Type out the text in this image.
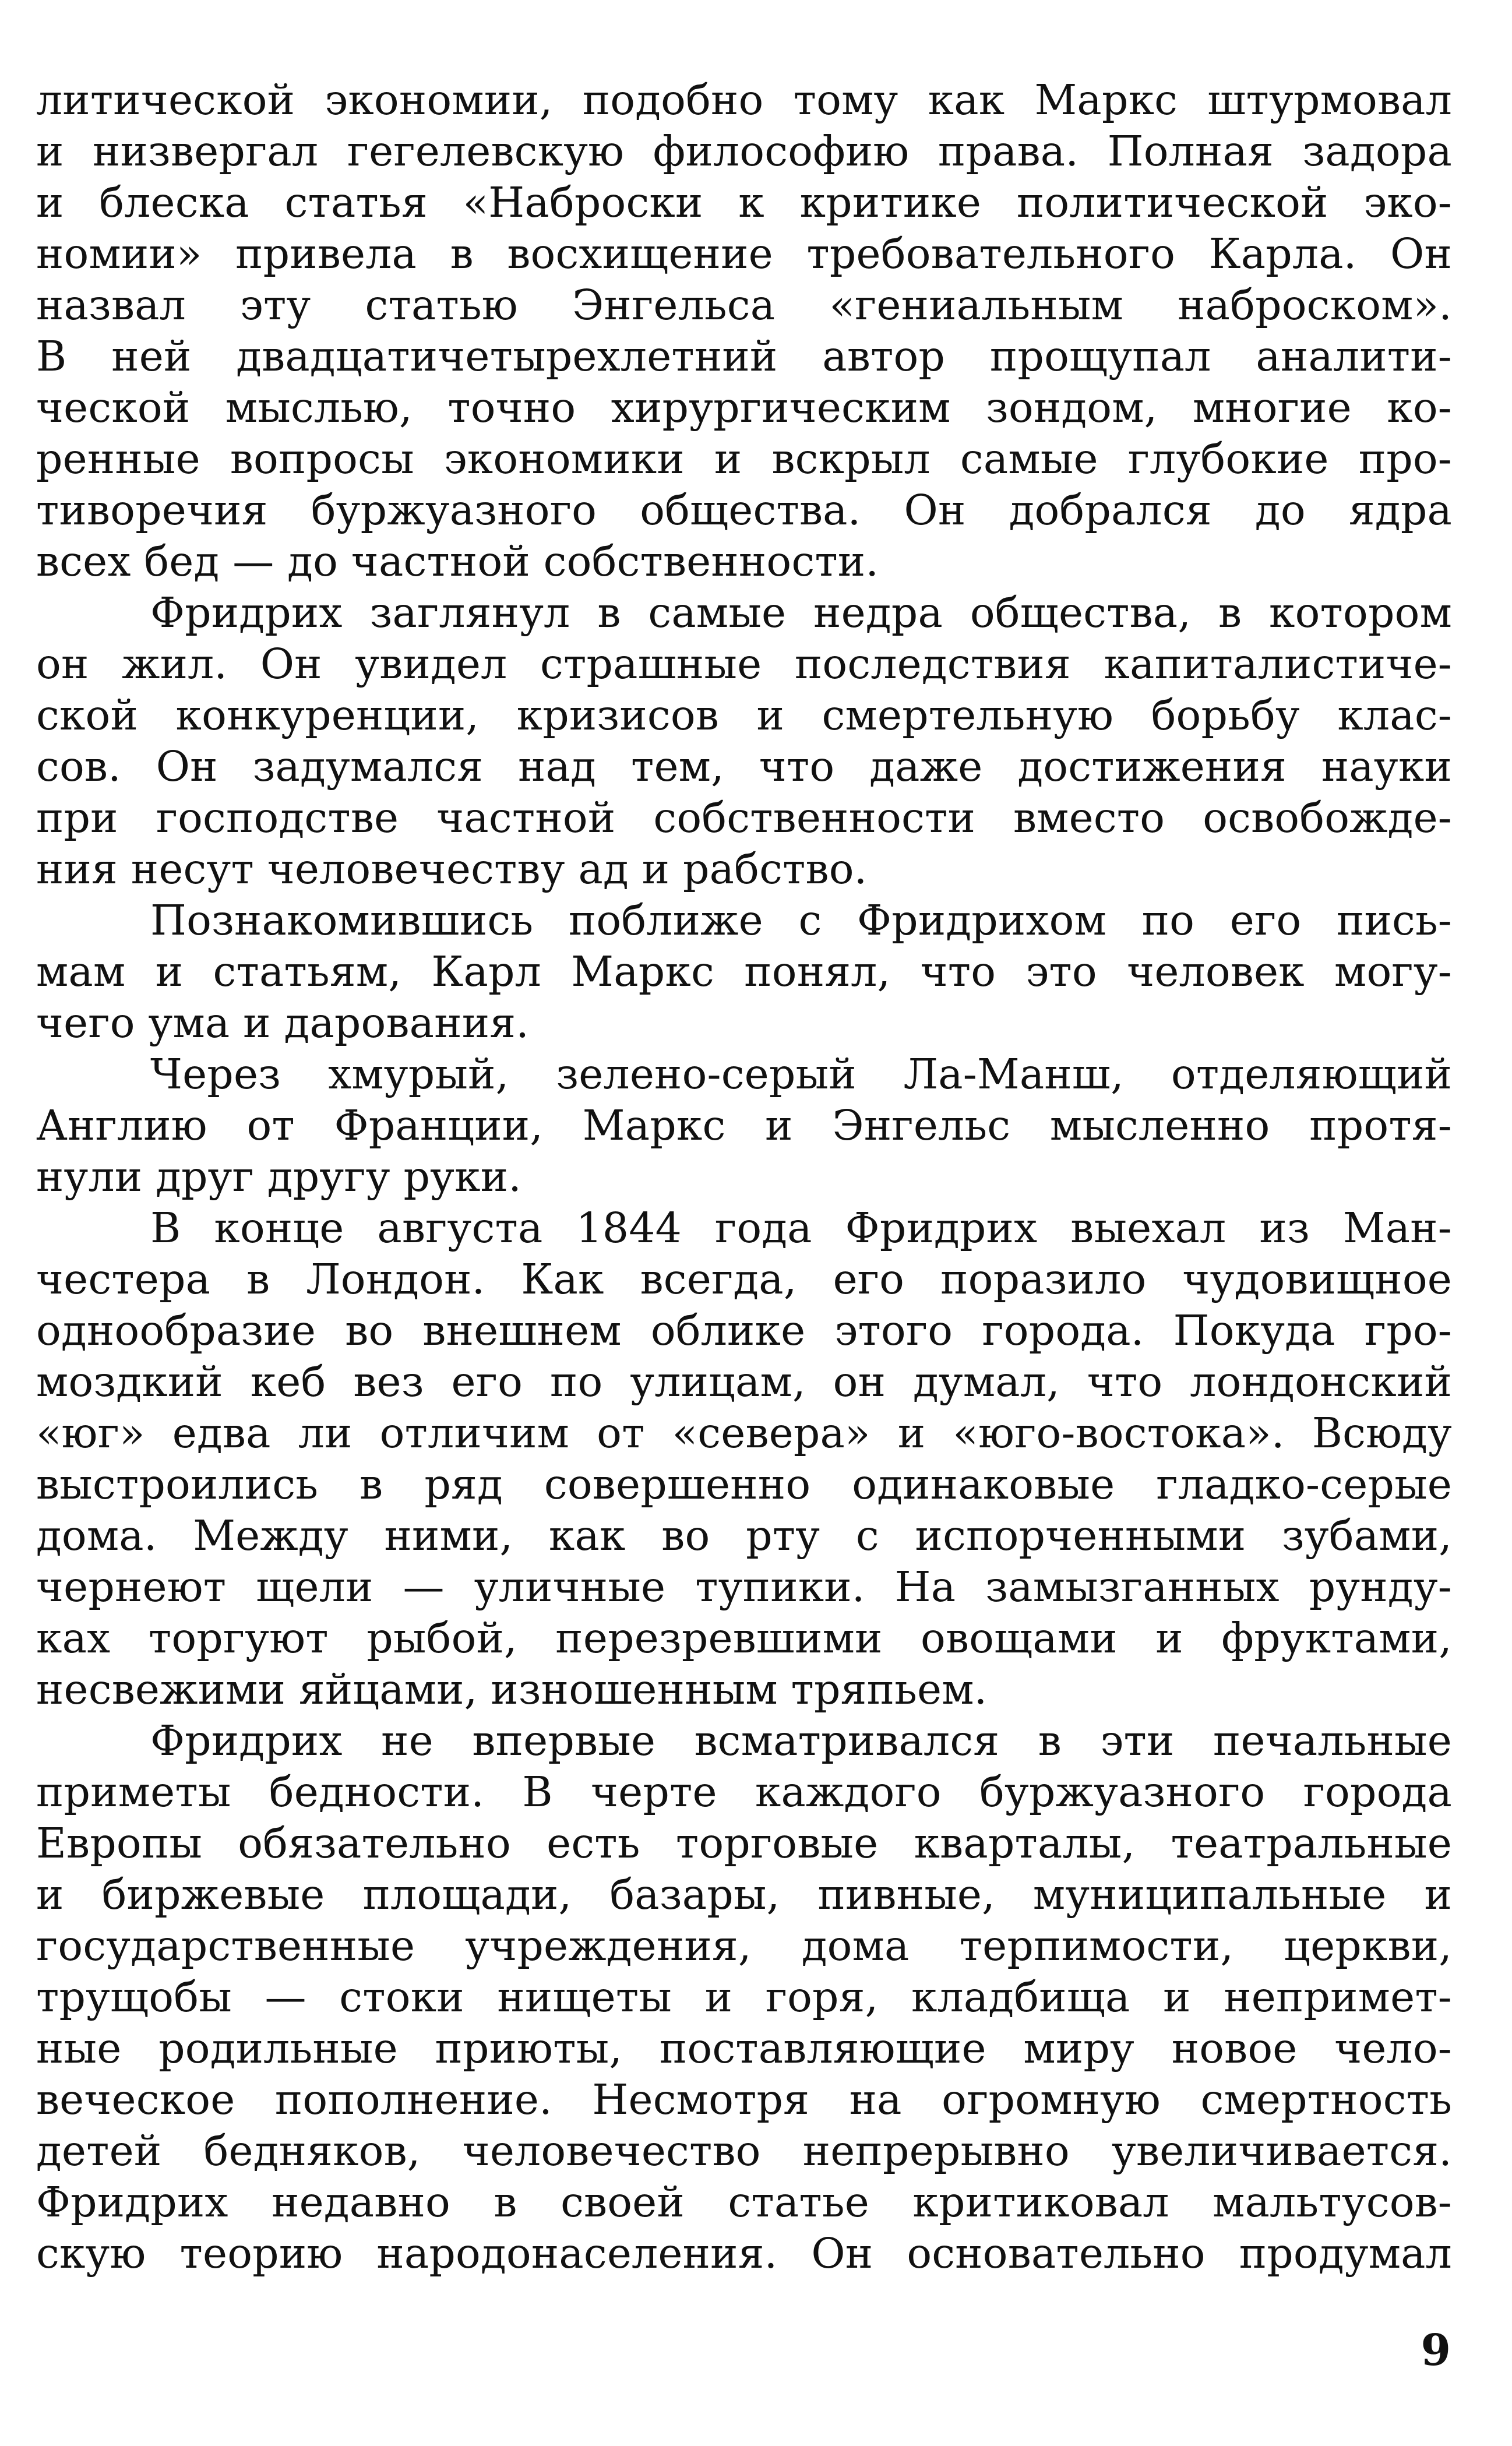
литической экономии, подобно тому как Маркс штурмовал
и низвергал гегелевскую философию права. Полная задора
и блеска статья «Наброски к критике политической эко-
номии» привела в восхищение требовательного Карла. Он
назвал эту статью Энгельса «гениальным наброском».
В ней двадцатичетырехлетний автор прощупал аналити-
ческой мыслью, точно хирургическим зондом, многие ко-
ренные вопросы экономики и вскрыл самые глубокие про-
тиворечия буржуазного общества. Он добрался до ядра
всех бед — до частной собственности.
Фридрих заглянул в самые недра общества, в котором
он жил. Он увидел страшные последствия капиталистиче-
ской конкуренции, кризисов и смертельную борьбу клас-
сов. Он задумался над тем, что даже достижения науки
при господстве частной собственности вместо освобожде-
ния несут человечеству ад и рабство.
Познакомившись поближе с Фридрихом по его пись-
мам и статьям, Карл Маркс понял, что это человек могу-
чего ума и дарования.
Через хмурый, зелено-серый Ла-Манш, отделяющий
Англию от Франции, Маркс и Энгельс мысленно протя-
нули друг другу руки.
В конце августа 1844 года Фридрих выехал из Ман-
честера в Лондон. Как всегда, его поразило чудовищное
однообразие во внешнем облике этого города. Покуда гро-
моздкий кеб вез его по улицам, он думал, что лондонский
«юг» едва ли отличим от «севера» и «юго-востока». Всюду
выстроились в ряд совершенно одинаковые гладко-серые
дома. Между ними, как во рту с испорченными зубами,
чернеют щели — уличные тупики. На замызганных рунду-
ках торгуют рыбой, перезревшими овощами и фруктами,
несвежими яйцами, изношенным тряпьем.
Фридрих не впервые всматривался в эти печальные
приметы бедности. В черте каждого буржуазного города
Европы обязательно есть торговые кварталы, театральные
и биржевые площади, базары, пивные, муниципальные и
государственные учреждения, дома терпимости, церкви,
трущобы — стоки нищеты и горя, кладбища и непримет-
ные родильные приюты, поставляющие миру новое чело-
веческое пополнение. Несмотря на огромную смертность
детей бедняков, человечество непрерывно увеличивается.
Фридрих недавно в своей статье критиковал мальтусов-
скую теорию народонаселения. Он основательно продумал
9
